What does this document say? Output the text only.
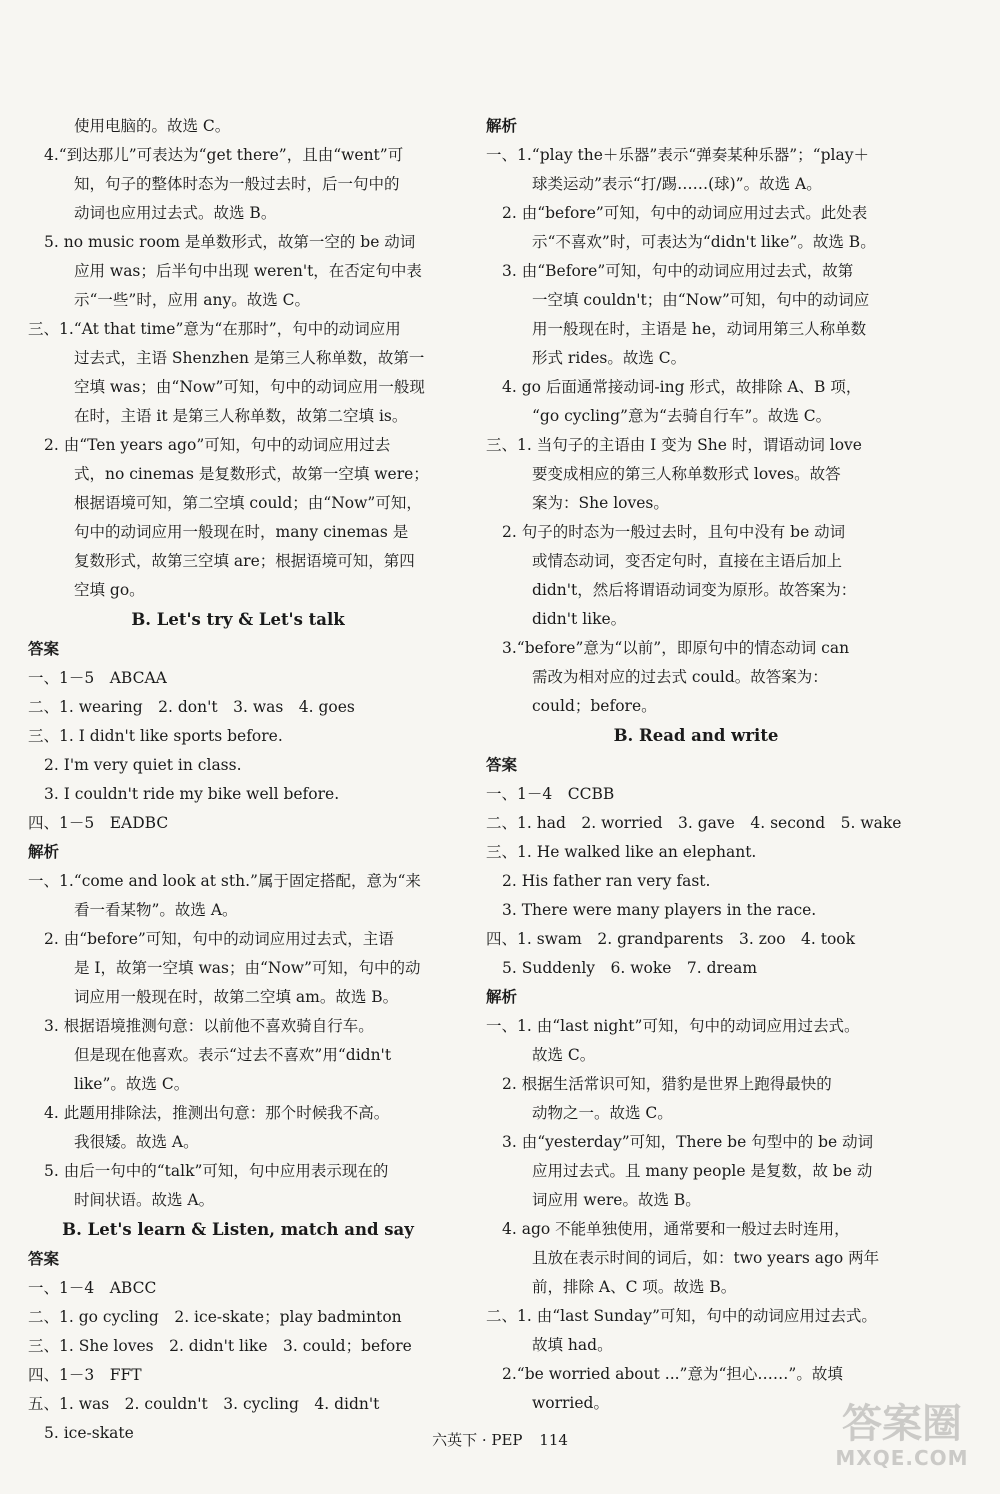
使用电脑的。故选 C。
4.“到达那儿”可表达为“get there”，且由“went”可
知，句子的整体时态为一般过去时，后一句中的
动词也应用过去式。故选 B。
5. no music room 是单数形式，故第一空的 be 动词
应用 was；后半句中出现 weren't，在否定句中表
示“一些”时，应用 any。故选 C。
三、1.“At that time”意为“在那时”，句中的动词应用
过去式，主语 Shenzhen 是第三人称单数，故第一
空填 was；由“Now”可知，句中的动词应用一般现
在时，主语 it 是第三人称单数，故第二空填 is。
2. 由“Ten years ago”可知，句中的动词应用过去
式，no cinemas 是复数形式，故第一空填 were；
根据语境可知，第二空填 could；由“Now”可知，
句中的动词应用一般现在时，many cinemas 是
复数形式，故第三空填 are；根据语境可知，第四
空填 go。
B. Let's try & Let's talk
答案
一、1－5　ABCAA
二、1. wearing　2. don't　3. was　4. goes
三、1. I didn't like sports before.
2. I'm very quiet in class.
3. I couldn't ride my bike well before.
四、1－5　EADBC
解析
一、1.“come and look at sth.”属于固定搭配，意为“来
看一看某物”。故选 A。
2. 由“before”可知，句中的动词应用过去式，主语
是 I，故第一空填 was；由“Now”可知，句中的动
词应用一般现在时，故第二空填 am。故选 B。
3. 根据语境推测句意：以前他不喜欢骑自行车。
但是现在他喜欢。表示“过去不喜欢”用“didn't
like”。故选 C。
4. 此题用排除法，推测出句意：那个时候我不高。
我很矮。故选 A。
5. 由后一句中的“talk”可知，句中应用表示现在的
时间状语。故选 A。
B. Let's learn & Listen, match and say
答案
一、1－4　ABCC
二、1. go cycling　2. ice-skate；play badminton
三、1. She loves　2. didn't like　3. could；before
四、1－3　FFT
五、1. was　2. couldn't　3. cycling　4. didn't
5. ice-skate
解析
一、1.“play the＋乐器”表示“弹奏某种乐器”；“play＋
球类运动”表示“打/踢……(球)”。故选 A。
2. 由“before”可知，句中的动词应用过去式。此处表
示“不喜欢”时，可表达为“didn't like”。故选 B。
3. 由“Before”可知，句中的动词应用过去式，故第
一空填 couldn't；由“Now”可知，句中的动词应
用一般现在时，主语是 he，动词用第三人称单数
形式 rides。故选 C。
4. go 后面通常接动词-ing 形式，故排除 A、B 项，
“go cycling”意为“去骑自行车”。故选 C。
三、1. 当句子的主语由 I 变为 She 时，谓语动词 love
要变成相应的第三人称单数形式 loves。故答
案为：She loves。
2. 句子的时态为一般过去时，且句中没有 be 动词
或情态动词，变否定句时，直接在主语后加上
didn't，然后将谓语动词变为原形。故答案为：
didn't like。
3.“before”意为“以前”，即原句中的情态动词 can
需改为相对应的过去式 could。故答案为：
could；before。
B. Read and write
答案
一、1－4　CCBB
二、1. had　2. worried　3. gave　4. second　5. wake
三、1. He walked like an elephant.
2. His father ran very fast.
3. There were many players in the race.
四、1. swam　2. grandparents　3. zoo　4. took
5. Suddenly　6. woke　7. dream
解析
一、1. 由“last night”可知，句中的动词应用过去式。
故选 C。
2. 根据生活常识可知，猎豹是世界上跑得最快的
动物之一。故选 C。
3. 由“yesterday”可知，There be 句型中的 be 动词
应用过去式。且 many people 是复数，故 be 动
词应用 were。故选 B。
4. ago 不能单独使用，通常要和一般过去时连用，
且放在表示时间的词后，如：two years ago 两年
前，排除 A、C 项。故选 B。
二、1. 由“last Sunday”可知，句中的动词应用过去式。
故填 had。
2.“be worried about ...”意为“担心……”。故填
worried。
六英下 · PEP 114	答案圈
MXQE.COM
